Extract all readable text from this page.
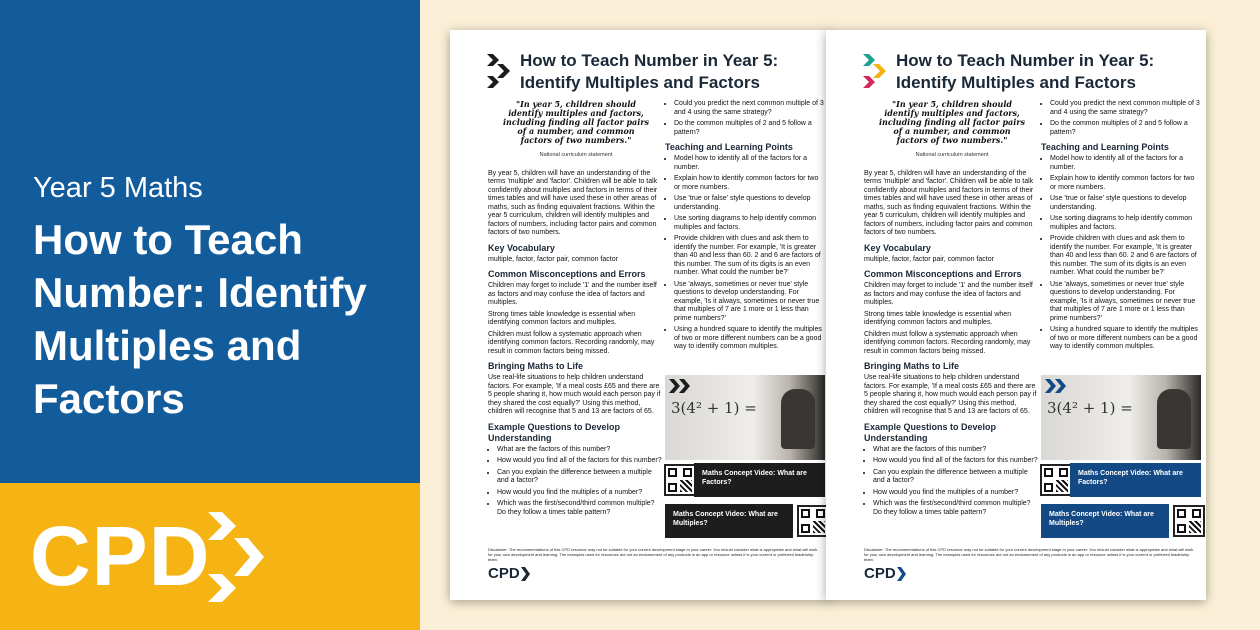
Year 5 Maths
How to Teach Number: Identify Multiples and Factors
CPD
How to Teach Number in Year 5:
Identify Multiples and Factors
"In year 5, children should identify multiples and factors, including finding all factor pairs of a number, and common factors of two numbers."
National curriculum statement
By year 5, children will have an understanding of the terms 'multiple' and 'factor'. Children will be able to talk confidently about multiples and factors in terms of their times tables and will have used these in other areas of maths, such as finding equivalent fractions. Within the year 5 curriculum, children will identify multiples and factors of numbers, including factor pairs and common factors of two numbers.
Key Vocabulary
multiple, factor, factor pair, common factor
Common Misconceptions and Errors
Children may forget to include '1' and the number itself as factors and may confuse the idea of factors and multiples.
Strong times table knowledge is essential when identifying common factors and multiples.
Children must follow a systematic approach when identifying common factors. Recording randomly, may result in common factors being missed.
Bringing Maths to Life
Use real-life situations to help children understand factors. For example, 'If a meal costs £65 and there are 5 people sharing it, how much would each person pay if they shared the cost equally?' Using this method, children will recognise that 5 and 13 are factors of 65.
Example Questions to Develop Understanding
• What are the factors of this number?
• How would you find all of the factors for this number?
• Can you explain the difference between a multiple and a factor?
• How would you find the multiples of a number?
• Which was the first/second/third common multiple? Do they follow a times table pattern?
• Could you predict the next common multiple of 3 and 4 using the same strategy?
• Do the common multiples of 2 and 5 follow a pattern?
Teaching and Learning Points
• Model how to identify all of the factors for a number.
• Explain how to identify common factors for two or more numbers.
• Use 'true or false' style questions to develop understanding.
• Use sorting diagrams to help identify common multiples and factors.
• Provide children with clues and ask them to identify the number. For example, 'It is greater than 40 and less than 60. 2 and 6 are factors of this number. The sum of its digits is an even number. What could the number be?'
• Use 'always, sometimes or never true' style questions to develop understanding. For example, 'Is it always, sometimes or never true that multiples of 7 are 1 more or 1 less than prime numbers?'
• Using a hundred square to identify the multiples of two or more different numbers can be a good way to identify common multiples.
3(4² + 1) =
Maths Concept Video: What are Factors?
Maths Concept Video: What are Multiples?
Disclaimer: The recommendations of this CPD resource may not be suitable for your current development stage in your career. You should consider what is appropriate and what will work for your own development and learning. The examples used for resources are not an endorsement of any products in an app or resource unless it is your current or preferred leadership team.
CPD
How to Teach Number in Year 5:
Identify Multiples and Factors
"In year 5, children should identify multiples and factors, including finding all factor pairs of a number, and common factors of two numbers."
National curriculum statement
By year 5, children will have an understanding of the terms 'multiple' and 'factor'. Children will be able to talk confidently about multiples and factors in terms of their times tables and will have used these in other areas of maths, such as finding equivalent fractions. Within the year 5 curriculum, children will identify multiples and factors of numbers, including factor pairs and common factors of two numbers.
Key Vocabulary
multiple, factor, factor pair, common factor
Common Misconceptions and Errors
Children may forget to include '1' and the number itself as factors and may confuse the idea of factors and multiples.
Strong times table knowledge is essential when identifying common factors and multiples.
Children must follow a systematic approach when identifying common factors. Recording randomly, may result in common factors being missed.
Bringing Maths to Life
Use real-life situations to help children understand factors. For example, 'If a meal costs £65 and there are 5 people sharing it, how much would each person pay if they shared the cost equally?' Using this method, children will recognise that 5 and 13 are factors of 65.
Example Questions to Develop Understanding
• What are the factors of this number?
• How would you find all of the factors for this number?
• Can you explain the difference between a multiple and a factor?
• How would you find the multiples of a number?
• Which was the first/second/third common multiple? Do they follow a times table pattern?
• Could you predict the next common multiple of 3 and 4 using the same strategy?
• Do the common multiples of 2 and 5 follow a pattern?
Teaching and Learning Points
• Model how to identify all of the factors for a number.
• Explain how to identify common factors for two or more numbers.
• Use 'true or false' style questions to develop understanding.
• Use sorting diagrams to help identify common multiples and factors.
• Provide children with clues and ask them to identify the number. For example, 'It is greater than 40 and less than 60. 2 and 6 are factors of this number. The sum of its digits is an even number. What could the number be?'
• Use 'always, sometimes or never true' style questions to develop understanding. For example, 'Is it always, sometimes or never true that multiples of 7 are 1 more or 1 less than prime numbers?'
• Using a hundred square to identify the multiples of two or more different numbers can be a good way to identify common multiples.
3(4² + 1) =
Maths Concept Video: What are Factors?
Maths Concept Video: What are Multiples?
Disclaimer: The recommendations of this CPD resource may not be suitable for your current development stage in your career. You should consider what is appropriate and what will work for your own development and learning. The examples used for resources are not an endorsement of any products in an app or resource unless it is your current or preferred leadership team.
CPD
